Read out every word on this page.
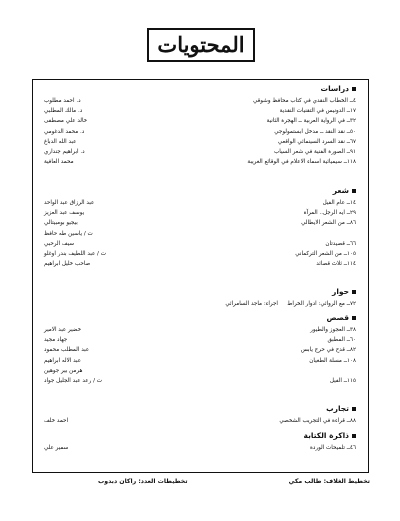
المحتويات
دراسات
٤ــ الخطاب النقدي في كتاب محافظ وشوقي
د. احمد مطلوب
١٧ــ الدونيس في التقنيات النقدية
د. مالك المطلبي
٣٢ــ في الرواية العربية ــ الهجرة الثانية
خالد علي مصطفى
٥٠ــ نقد النقد ــ مدخل ابستمولوجي
د. محمد الدغومي
٦٧ــ نقد السرد السينمائي الواقعي
عبد الله الدباغ
٩١ــ الصورة الفنية في شعر السياب
د. ابراهيم جنداري
١١٨ــ سيميائية اسماء الاعلام في الوقائع الغريبة
محمد العافية
شعر
١٤ــ عام الفيل
عبد الرزاق عبد الواحد
٢٩ــ ايه الرجل.. المرآة
يوسف عبد العزيز
٨٦ــ من الشعر الايطالي
بيجيو بومبيتالي
ت / ياسين طه حافظ
٦٦ــ قصيدتان
سيف الرحبي
١٠٥ــ من الشعر التركماني
ت / عبد اللطيف بندر اوغلو
١١٤ــ ثلاث قصائد
صاحب خليل ابراهيم
حوار
٧٢ــ مع الروائي: ادوار الخراط
اجراء: ماجد السامرائي
قصص
٣٨ــ العجوز والطيور
خضير عبد الامير
٦٠ــ المطبق
جهاد مجيد
٨٢ــ قدح في حرج يابس
عبد المطلب محمود
١٠٨ــ مسلة الطغيان
عبد الاله ابراهيم
هرمن بير جوهين
١١٥ــ الفيل
ت / رعد عبد الجليل جواد
تجارب
٨٨ــ قراءة في التجريب الشخصي
احمد خلف
ذاكرة الكتابة
٤٦ــ تلميحات الوردة
سمير علي
تخطيط الغلاف: طالب مكي
تخطيطات العدد: راكان دبدوب
